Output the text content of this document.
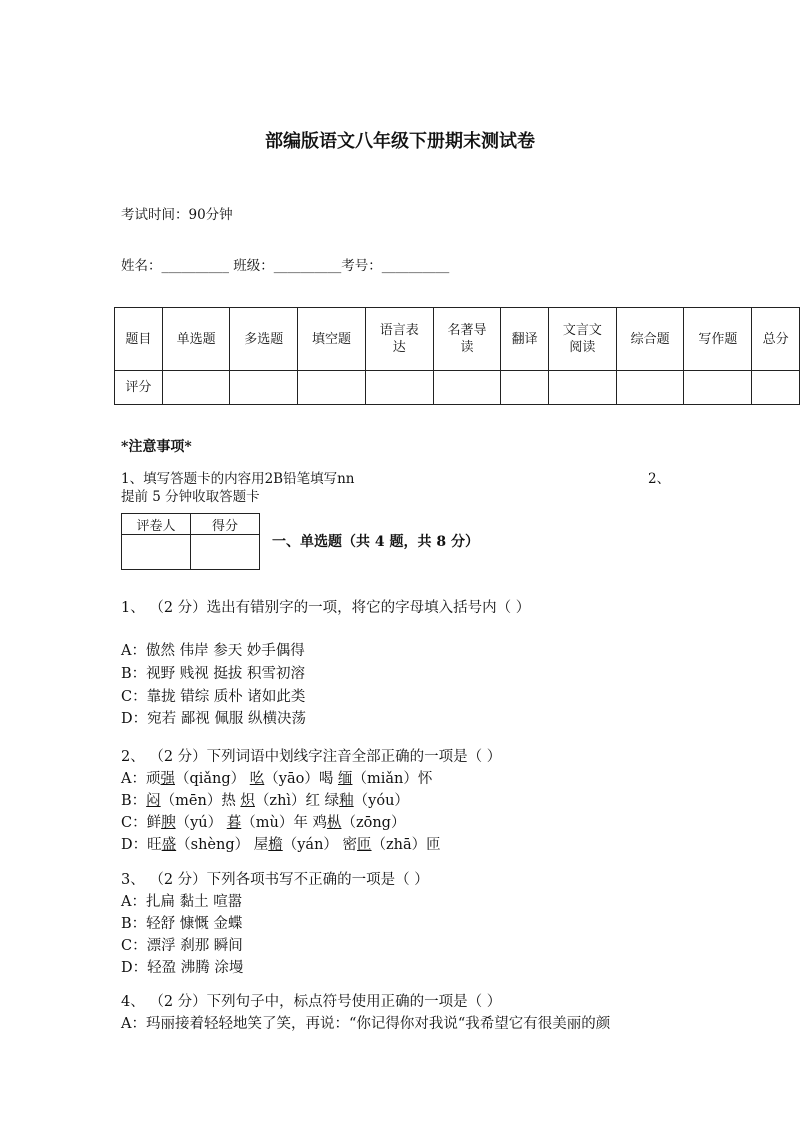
部编版语文八年级下册期末测试卷
考试时间：90分钟
姓名：__________ 班级：__________考号：__________
题目	单选题	多选题	填空题	语言表达	名著导读	翻译	文言文阅读	综合题	写作题	总分
评分										
*注意事项*
1、填写答题卡的内容用2B铅笔填写nn	2、
提前 5 分钟收取答题卡
评卷人	得分

一、单选题（共 4 题，共 8 分）
1、 （2 分）选出有错别字的一项，将它的字母填入括号内（ ）
A：傲然 伟岸 参天 妙手偶得
B：视野 贱视 挺拔 积雪初溶
C：靠拢 错综 质朴 诸如此类
D：宛若 鄙视 佩服 纵横决荡
2、 （2 分）下列词语中划线字注音全部正确的一项是（ ）
A：顽强（qiǎng） 吆（yāo）喝 缅（miǎn）怀
B：闷（mēn）热 炽（zhì）红 绿釉（yóu）
C：鲜腴（yú） 暮（mù）年 鸡枞（zōng）
D：旺盛（shèng） 屋檐（yán） 密匝（zhā）匝
3、 （2 分）下列各项书写不正确的一项是（ ）
A：扎扁 黏土 喧嚣
B：轻舒 慷慨 金蝶
C：漂浮 刹那 瞬间
D：轻盈 沸腾 涂墁
4、 （2 分）下列句子中，标点符号使用正确的一项是（ ）
A：玛丽接着轻轻地笑了笑，再说：“你记得你对我说“我希望它有很美丽的颜
